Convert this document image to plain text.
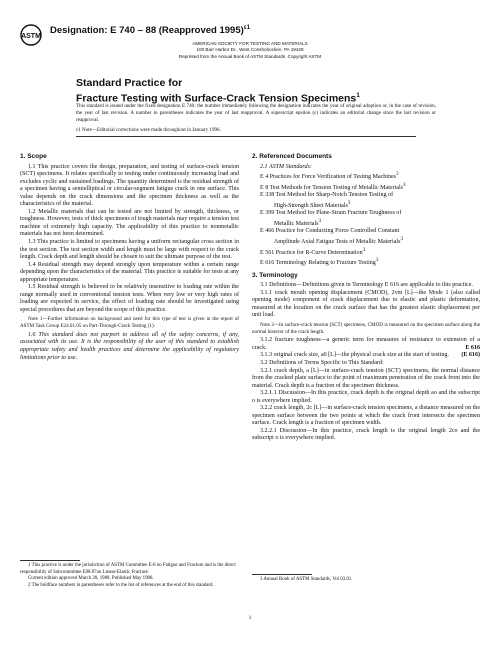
ASTM
Designation: E 740 – 88 (Reapproved 1995)$^{\varepsilon 1}$
AMERICAN SOCIETY FOR TESTING AND MATERIALS
100 Barr Harbor Dr., West Conshohocken, PA 19428
Reprinted from the Annual Book of ASTM Standards. Copyright ASTM
Standard Practice for
Fracture Testing with Surface-Crack Tension Specimens$^1$
This standard is issued under the fixed designation E 740; the number immediately following the designation indicates the year of original adoption or, in the case of revision, the year of last revision. A number in parentheses indicates the year of last reapproval. A superscript epsilon (ε) indicates an editorial change since the last revision or reapproval.
ε1 Note—Editorial corrections were made throughout in January 1996.

1. Scope

1.1 This practice covers the design, preparation, and testing of surface-crack tension (SCT) specimens. It relates specifically to testing under continuously increasing load and excludes cyclic and sustained loadings. The quantity determined is the residual strength of a specimen having a semielliptical or circular-segment fatigue crack in one surface. This value depends on the crack dimensions and the specimen thickness as well as the characteristics of the material.

1.2 Metallic materials that can be tested are not limited by strength, thickness, or toughness. However, tests of thick specimens of tough materials may require a tension test machine of extremely high capacity. The applicability of this practice to nonmetallic materials has not been determined.

1.3 This practice is limited to specimens having a uniform rectangular cross section in the test section. The test section width and length must be large with respect to the crack length. Crack depth and length should be chosen to suit the ultimate purpose of the test.

1.4 Residual strength may depend strongly upon temperature within a certain range depending upon the characteristics of the material. This practice is suitable for tests at any appropriate temperature.

1.5 Residual strength is believed to be relatively insensitive to loading rate within the range normally used in conventional tension tests. When very low or very high rates of loading are expected in service, the effect of loading rate should be investigated using special procedures that are beyond the scope of this practice.

Note 1—Further information on background and need for this type of test is given in the report of ASTM Task Group E24.01.05 on Part-Through-Crack Testing (1).

1.6 This standard does not purport to address all of the safety concerns, if any, associated with its use. It is the responsibility of the user of this standard to establish appropriate safety and health practices and determine the applicability of regulatory limitations prior to use.

1 This practice is under the jurisdiction of ASTM Committee E-8 on Fatigue and Fracture and is the direct responsibility of Subcommittee E08.07on Linear-Elastic Fracture.

Current edition approved March 28, 1988. Published May 1988.

2 The boldface numbers in parentheses refer to the list of references at the end of this standard.

2. Referenced Documents

2.1 ASTM Standards:

E 4 Practices for Force Verification of Testing Machines$^3$

E 8 Test Methods for Tension Testing of Metallic Materials$^3$

E 338 Test Method for Sharp-Notch Tension Testing of

High-Strength Sheet Materials$^3$

E 399 Test Method for Plane-Strain Fracture Toughness of

Metallic Materials$^3$

E 466 Practice for Conducting Force Controlled Constant

Amplitude Axial Fatigue Tests of Metallic Materials$^3$

E 561 Practice for R-Curve Determination$^3$

E 616 Terminology Relating to Fracture Testing$^3$

3. Terminology

3.1 Definitions—Definitions given in Terminology E 616 are applicable to this practice.

3.1.1 crack mouth opening displacement (CMOD), 2vm [L]—the Mode 1 (also called opening mode) component of crack displacement due to elastic and plastic deformation, measured at the location on the crack surface that has the greatest elastic displacement per unit load.

Note 2—In surface-crack tension (SCT) specimens, CMOD is measured on the specimen surface along the normal bisector of the crack length.

3.1.2 fracture toughness—a generic term for measures of resistance to extension of a crack.	E 616

3.1.3 original crack size, a0 [L]—the physical crack size at the start of testing.	(E 616)

3.2 Definitions of Terms Specific to This Standard:

3.2.1 crack depth, a [L]—in surface-crack tension (SCT) specimens, the normal distance from the cracked plate surface to the point of maximum penetration of the crack front into the material. Crack depth is a fraction of the specimen thickness.

3.2.1.1 Discussion—In this practice, crack depth is the original depth ao and the subscript o is everywhere implied.

3.2.2 crack length, 2c [L]—in surface-crack tension specimens, a distance measured on the specimen surface between the two points at which the crack front intersects the specimen surface. Crack length is a fraction of specimen width.

3.2.2.1 Discussion—In this practice, crack length is the original length 2co and the subscript o is everywhere implied.

3 Annual Book of ASTM Standards, Vol 03.01.

1
